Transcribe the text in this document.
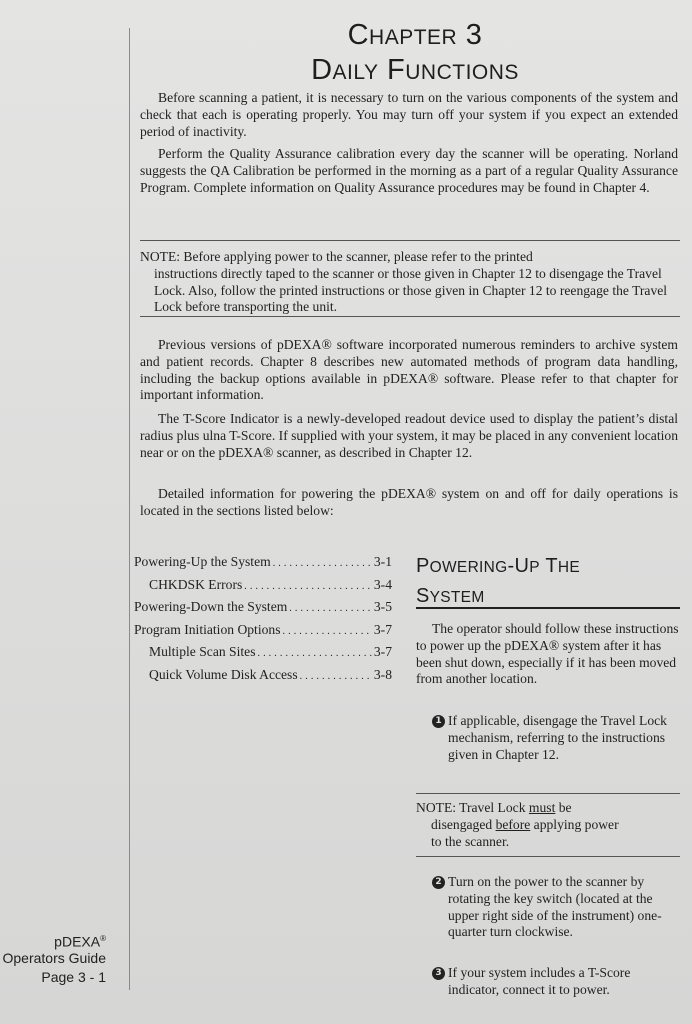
CHAPTER 3
DAILY FUNCTIONS

Before scanning a patient, it is necessary to turn on the various components of the system and check that each is operating properly. You may turn off your system if you expect an extended period of inactivity.

Perform the Quality Assurance calibration every day the scanner will be operating. Norland suggests the QA Calibration be performed in the morning as a part of a regular Quality Assurance Program. Complete information on Quality Assurance procedures may be found in Chapter 4.

NOTE: Before applying power to the scanner, please refer to the printed
instructions directly taped to the scanner or those given in Chapter 12 to disengage the Travel Lock. Also, follow the printed instructions or those given in Chapter 12 to reengage the Travel Lock before transporting the unit.

Previous versions of pDEXA® software incorporated numerous reminders to archive system and patient records. Chapter 8 describes new automated methods of program data handling, including the backup options available in pDEXA® software. Please refer to that chapter for important information.

The T-Score Indicator is a newly-developed readout device used to display the patient’s distal radius plus ulna T-Score. If supplied with your system, it may be placed in any convenient location near or on the pDEXA® scanner, as described in Chapter 12.

Detailed information for powering the pDEXA® system on and off for daily operations is located in the sections listed below:

Powering-Up the System . . .	3-1
CHKDSK Errors . . .	3-4
Powering-Down the System . . .	3-5
Program Initiation Options . . .	3-7
Multiple Scan Sites . . .	3-7
Quick Volume Disk Access . . .	3-8
POWERING-UP THE
SYSTEM

The operator should follow these instructions to power up the pDEXA® system after it has been shut down, especially if it has been moved from another location.

1 If applicable, disengage the Travel Lock mechanism, referring to the instructions given in Chapter 12.
NOTE: Travel Lock must be
disengaged before applying power
to the scanner.
2 Turn on the power to the scanner by rotating the key switch (located at the upper right side of the instrument) one-quarter turn clockwise.
3 If your system includes a T-Score indicator, connect it to power.
pDEXA®
Operators Guide
Page 3 - 1
